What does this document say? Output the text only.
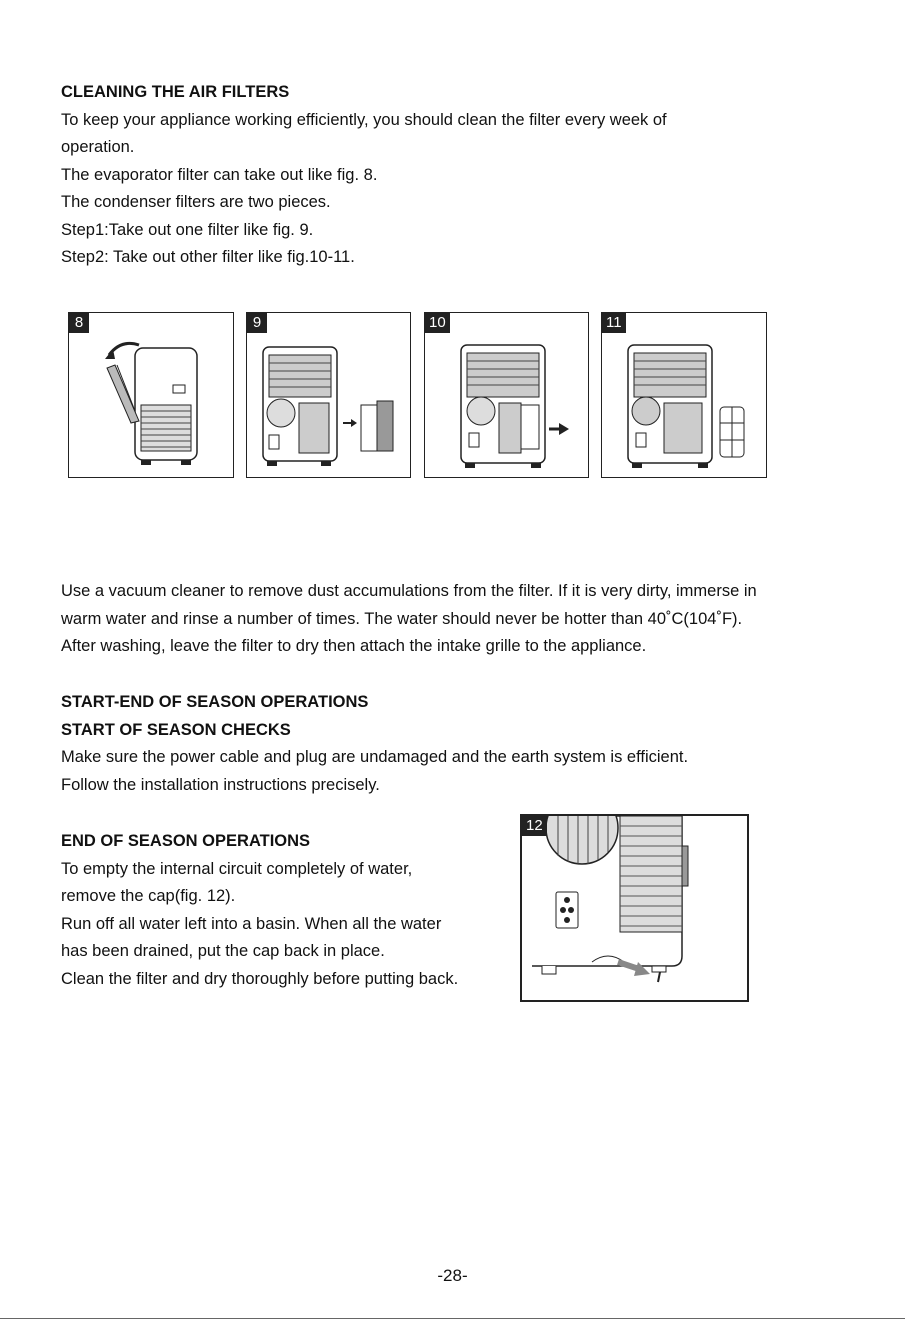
CLEANING THE AIR FILTERS
To keep your appliance working efficiently, you should clean the filter every week of
operation.
The evaporator filter can take out like fig. 8.
The condenser filters are two pieces.
Step1:Take out one filter like fig. 9.
Step2: Take out other filter like fig.10-11.
8	9	10	11
Use a vacuum cleaner to remove dust accumulations from the filter. If it is very dirty, immerse in
warm water and rinse a number of times. The water should never be hotter than 40˚C(104˚F).
After washing, leave the filter to dry then attach the intake grille to the appliance.
START-END OF SEASON OPERATIONS
START OF SEASON CHECKS
Make sure the power cable and plug are undamaged and the earth system is efficient.
Follow the installation instructions precisely.
END OF SEASON OPERATIONS
To empty the internal circuit completely of water,
remove the cap(fig. 12).
Run off all water left into a basin. When all the water
has been drained, put the cap back in place.
Clean the filter and dry thoroughly before putting back.
12
-28-
